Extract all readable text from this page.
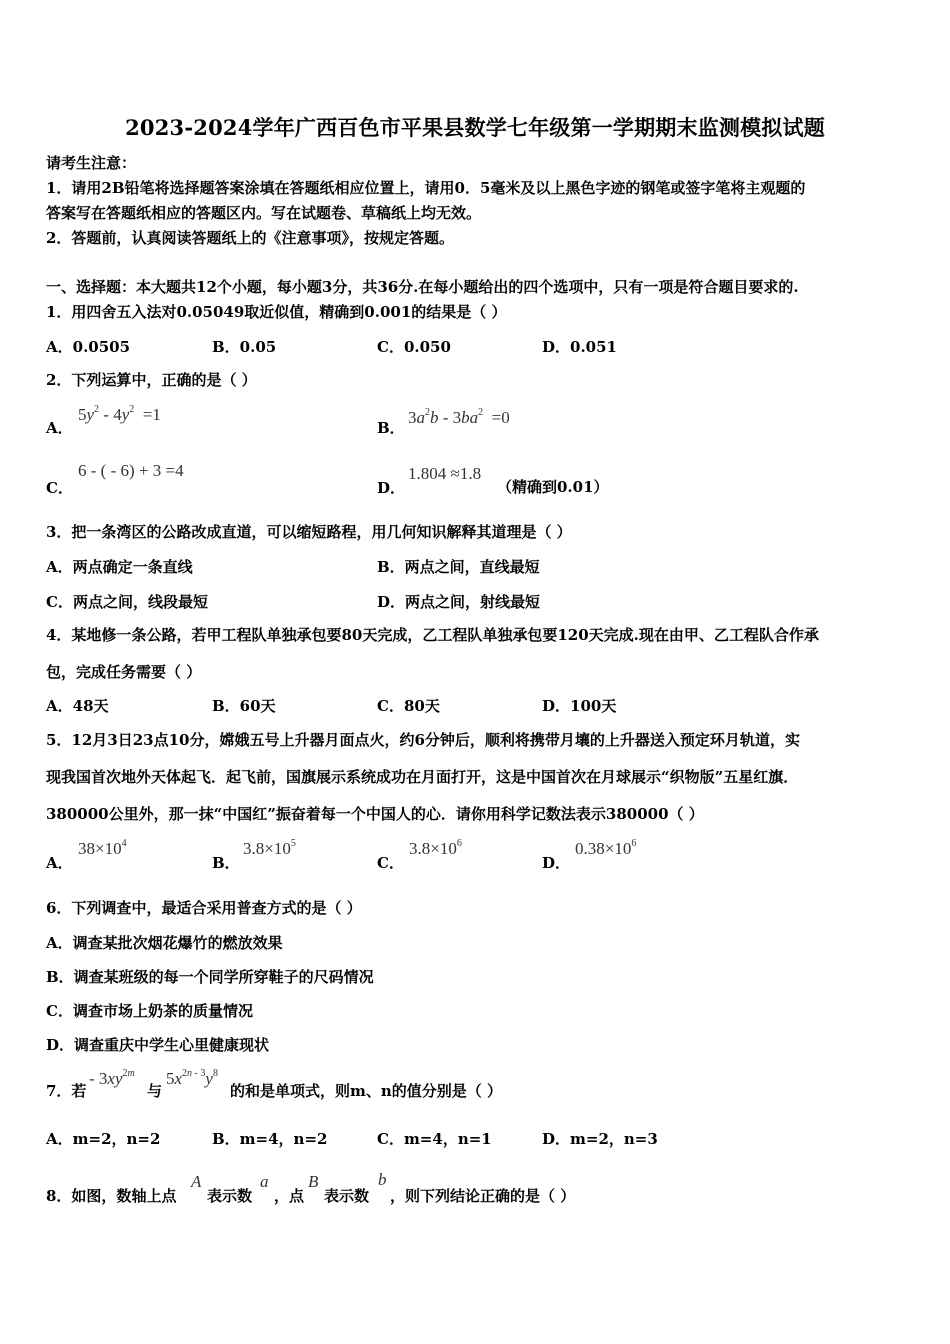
2023-2024学年广西百色市平果县数学七年级第一学期期末监测模拟试题
请考生注意：
1．请用2B铅笔将选择题答案涂填在答题纸相应位置上，请用0．5毫米及以上黑色字迹的钢笔或签字笔将主观题的
答案写在答题纸相应的答题区内。写在试题卷、草稿纸上均无效。
2．答题前，认真阅读答题纸上的《注意事项》，按规定答题。
一、选择题：本大题共12个小题，每小题3分，共36分.在每小题给出的四个选项中，只有一项是符合题目要求的.
1．用四舍五入法对0.05049取近似值，精确到0.001的结果是（ ）
A．0.0505	B．0.05	C．0.050	D．0.051
2．下列运算中，正确的是（ ）
A．
$5y^2 - 4y^2 =1$
B．
$3a^2b - 3ba^2 =0$
C．
6 - ( - 6) + 3 =4
D．
1.804 ≈1.8
（精确到0.01）
3．把一条湾区的公路改成直道，可以缩短路程，用几何知识解释其道理是（ ）
A．两点确定一条直线	B．两点之间，直线最短
C．两点之间，线段最短	D．两点之间，射线最短
4．某地修一条公路，若甲工程队单独承包要80天完成，乙工程队单独承包要120天完成.现在由甲、乙工程队合作承
包，完成任务需要（ ）
A．48天	B．60天	C．80天	D．100天
5．12月3日23点10分，嫦娥五号上升器月面点火，约6分钟后，顺利将携带月壤的上升器送入预定环月轨道，实
现我国首次地外天体起飞．起飞前，国旗展示系统成功在月面打开，这是中国首次在月球展示“织物版”五星红旗．
380000公里外，那一抹“中国红”振奋着每一个中国人的心．请你用科学记数法表示380000（ ）
A．
$38\times 10^4$
B．
$3.8\times 10^5$
C．
$3.8\times 10^6$
D．
$0.38\times 10^6$
6．下列调查中，最适合采用普查方式的是（ ）
A．调查某批次烟花爆竹的燃放效果
B．调查某班级的每一个同学所穿鞋子的尺码情况
C．调查市场上奶茶的质量情况
D．调查重庆中学生心里健康现状
7．若
- $3xy^{2m}$
与
$5x^{2n - 3}y^8$
的和是单项式，则m、n的值分别是（ ）
A．m=2，n=2	B．m=4，n=2	C．m=4，n=1	D．m=2，n=3
8．如图，数轴上点
A
表示数
a
，点
B
表示数
b
，则下列结论正确的是（ ）
